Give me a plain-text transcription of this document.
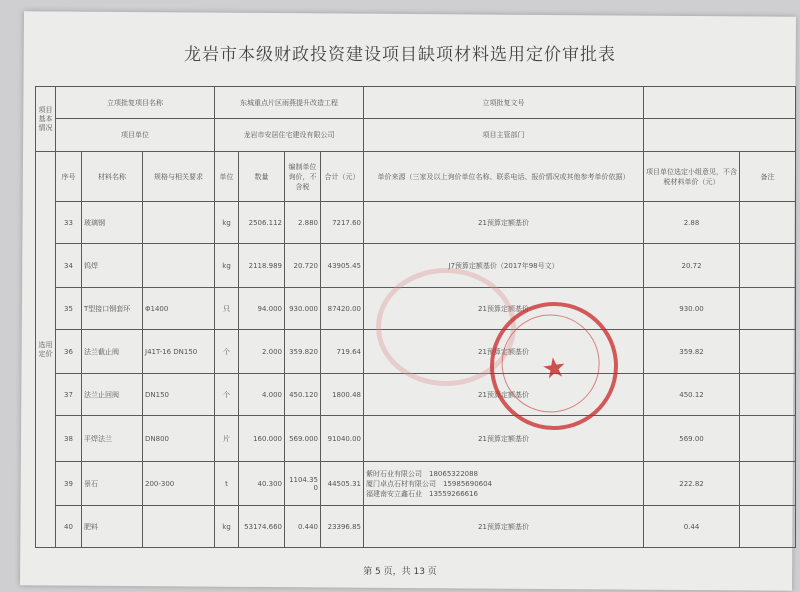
龙岩市本级财政投资建设项目缺项材料选用定价审批表
项目基本情况	立项批复项目名称			东城重点片区雨燕提升改造工程				立项批复文号		
	项目单位			龙岩市安居住宅建设有限公司				项目主管部门		
选用定价	序号	材料名称	规格与相关要求	单位	数量	编制单位询价，不含税	合计（元）	单价来源（三家及以上询价单位名称、联系电话、报价情况或其他参考单价依据）	项目单位选定小组意见，不含税材料单价（元）	备注
	33	玻璃钢		kg	2506.112	2.880	7217.60	21预算定额基价	2.88	
	34	钨焊		kg	2118.989	20.720	43905.45	J7预算定额基价（2017年98号文）	20.72	
	35	T型接口钢套环	Φ1400	只	94.000	930.000	87420.00	21预算定额基价	930.00	
	36	法兰截止阀	J41T-16 DN150	个	2.000	359.820	719.64	21预算定额基价	359.82	
	37	法兰止回阀	DN150	个	4.000	450.120	1800.48	21预算定额基价	450.12	
	38	平焊法兰	DN800	片	160.000	569.000	91040.00	21预算定额基价	569.00	
	39	景石	200-300	t	40.300	1104.350	44505.31	紫时石业有限公司　18065322088
厦门卓点石材有限公司　15985690604
福建南安立鑫石业　13559266616	222.82	
	40	肥料		kg	53174.660	0.440	23396.85	21预算定额基价	0.44	
★
第 5 页，共 13 页
